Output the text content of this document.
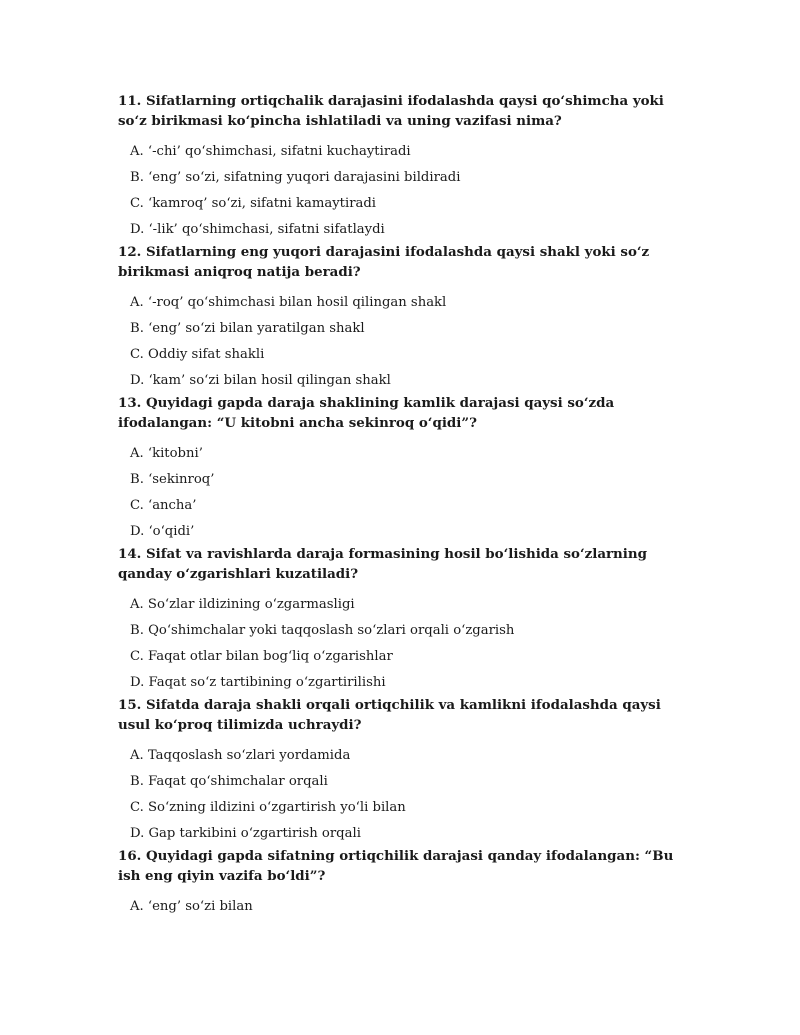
11. Sifatlarning ortiqchalik darajasini ifodalashda qaysi qo‘shimcha yoki so‘z birikmasi ko‘pincha ishlatiladi va uning vazifasi nima?

A. ‘-chi’ qo‘shimchasi, sifatni kuchaytiradi
B. ‘eng’ so‘zi, sifatning yuqori darajasini bildiradi
C. ‘kamroq’ so‘zi, sifatni kamaytiradi
D. ‘-lik’ qo‘shimchasi, sifatni sifatlaydi

12. Sifatlarning eng yuqori darajasini ifodalashda qaysi shakl yoki so‘z birikmasi aniqroq natija beradi?

A. ‘-roq’ qo‘shimchasi bilan hosil qilingan shakl
B. ‘eng’ so‘zi bilan yaratilgan shakl
C. Oddiy sifat shakli
D. ‘kam’ so‘zi bilan hosil qilingan shakl

13. Quyidagi gapda daraja shaklining kamlik darajasi qaysi so‘zda ifodalangan: “U kitobni ancha sekinroq o‘qidi”?

A. ‘kitobni’
B. ‘sekinroq’
C. ‘ancha’
D. ‘o‘qidi’

14. Sifat va ravishlarda daraja formasining hosil bo‘lishida so‘zlarning qanday o‘zgarishlari kuzatiladi?

A. So‘zlar ildizining o‘zgarmasligi
B. Qo‘shimchalar yoki taqqoslash so‘zlari orqali o‘zgarish
C. Faqat otlar bilan bog‘liq o‘zgarishlar
D. Faqat so‘z tartibining o‘zgartirilishi

15. Sifatda daraja shakli orqali ortiqchilik va kamlikni ifodalashda qaysi usul ko‘proq tilimizda uchraydi?

A. Taqqoslash so‘zlari yordamida
B. Faqat qo‘shimchalar orqali
C. So‘zning ildizini o‘zgartirish yo‘li bilan
D. Gap tarkibini o‘zgartirish orqali

16. Quyidagi gapda sifatning ortiqchilik darajasi qanday ifodalangan: “Bu ish eng qiyin vazifa bo‘ldi”?

A. ‘eng’ so‘zi bilan
